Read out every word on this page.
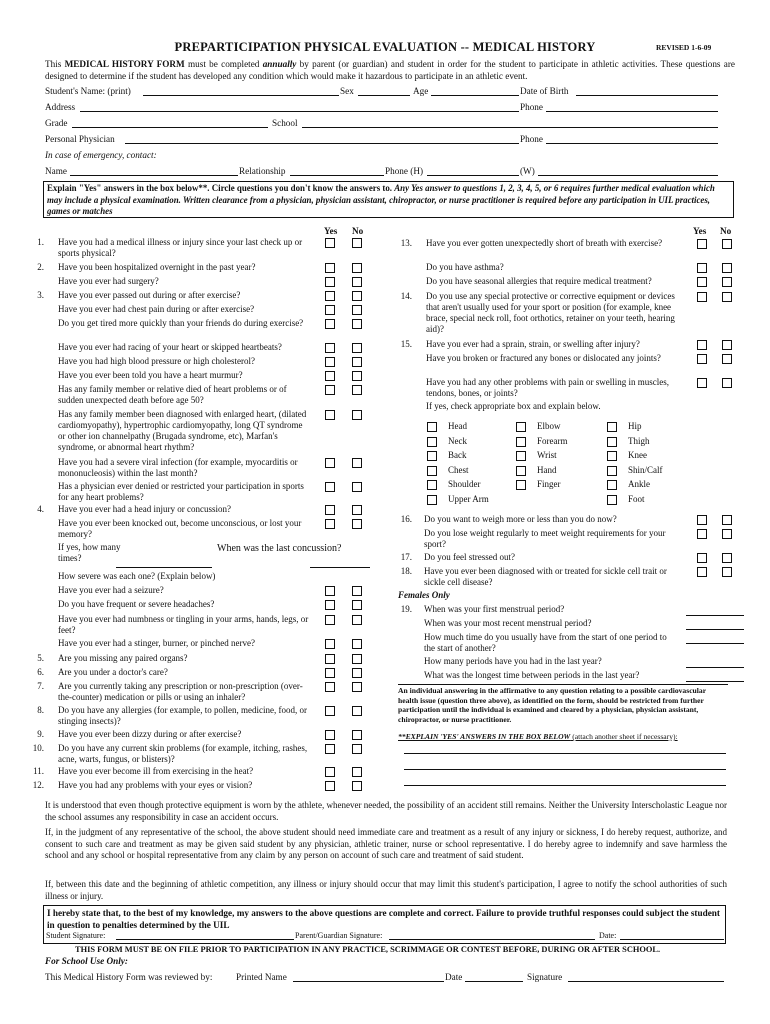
PREPARTICIPATION PHYSICAL EVALUATION -- MEDICAL HISTORY	REVISED 1-6-09
This MEDICAL HISTORY FORM must be completed annually by parent (or guardian) and student in order for the student to participate in athletic activities. These questions are designed to determine if the student has developed any condition which would make it hazardous to participate in an athletic event.
Student's Name: (print)	Sex	Age	Date of Birth
Address	Phone
Grade	School
Personal Physician	Phone
In case of emergency, contact:
Name	Relationship	Phone (H)	(W)
Explain "Yes" answers in the box below**. Circle questions you don't know the answers to. Any Yes answer to questions 1, 2, 3, 4, 5, or 6 requires further medical evaluation which may include a physical examination. Written clearance from a physician, physician assistant, chiropractor, or nurse practitioner is required before any participation in UIL practices, games or matches
Yes No	Yes No
1. Have you had a medical illness or injury since your last check up or sports physical?
2. Have you been hospitalized overnight in the past year?
Have you ever had surgery?
3. Have you ever passed out during or after exercise?
Have you ever had chest pain during or after exercise?
Do you get tired more quickly than your friends do during exercise?
Have you ever had racing of your heart or skipped heartbeats?
Have you had high blood pressure or high cholesterol?
Have you ever been told you have a heart murmur?
Has any family member or relative died of heart problems or of sudden unexpected death before age 50?
Has any family member been diagnosed with enlarged heart, (dilated cardiomyopathy), hypertrophic cardiomyopathy, long QT syndrome or other ion channelpathy (Brugada syndrome, etc), Marfan's syndrome, or abnormal heart rhythm?
Have you had a severe viral infection (for example, myocarditis or mononucleosis) within the last month?
Has a physician ever denied or restricted your participation in sports for any heart problems?
4. Have you ever had a head injury or concussion?
Have you ever been knocked out, become unconscious, or lost your memory?
If yes, how many times?
How severe was each one? (Explain below)
Have you ever had a seizure?
Do you have frequent or severe headaches?
Have you ever had numbness or tingling in your arms, hands, legs, or feet?
Have you ever had a stinger, burner, or pinched nerve?
5. Are you missing any paired organs?
6. Are you under a doctor's care?
7. Are you currently taking any prescription or non-prescription (over-the-counter) medication or pills or using an inhaler?
8. Do you have any allergies (for example, to pollen, medicine, food, or stinging insects)?
9. Have you ever been dizzy during or after exercise?
10. Do you have any current skin problems (for example, itching, rashes, acne, warts, fungus, or blisters)?
11. Have you ever become ill from exercising in the heat?
12. Have you had any problems with your eyes or vision?
13. Have you ever gotten unexpectedly short of breath with exercise?
Do you have asthma?
Do you have seasonal allergies that require medical treatment?
14. Do you use any special protective or corrective equipment or devices that aren't usually used for your sport or position (for example, knee brace, special neck roll, foot orthotics, retainer on your teeth, hearing aid)?
15. Have you ever had a sprain, strain, or swelling after injury?
Have you broken or fractured any bones or dislocated any joints?
Have you had any other problems with pain or swelling in muscles, tendons, bones, or joints?
If yes, check appropriate box and explain below.
16. Do you want to weigh more or less than you do now?
Do you lose weight regularly to meet weight requirements for your sport?
17. Do you feel stressed out?
18. Have you ever been diagnosed with or treated for sickle cell trait or sickle cell disease?
When was the last concussion?
Head	Elbow	Hip
Neck	Forearm	Thigh
Back	Wrist	Knee
Chest	Hand	Shin/Calf
Shoulder	Finger	Ankle
Upper Arm	Foot
Females Only
19. When was your first menstrual period?
When was your most recent menstrual period?
How much time do you usually have from the start of one period to the start of another?
How many periods have you had in the last year?
What was the longest time between periods in the last year?
An individual answering in the affirmative to any question relating to a possible cardiovascular health issue (question three above), as identified on the form, should be restricted from further participation until the individual is examined and cleared by a physician, physician assistant, chiropractor, or nurse practitioner.
**EXPLAIN 'YES' ANSWERS IN THE BOX BELOW (attach another sheet if necessary):
It is understood that even though protective equipment is worn by the athlete, whenever needed, the possibility of an accident still remains. Neither the University Interscholastic League nor the school assumes any responsibility in case an accident occurs.
If, in the judgment of any representative of the school, the above student should need immediate care and treatment as a result of any injury or sickness, I do hereby request, authorize, and consent to such care and treatment as may be given said student by any physician, athletic trainer, nurse or school representative. I do hereby agree to indemnify and save harmless the school and any school or hospital representative from any claim by any person on account of such care and treatment of said student.
If, between this date and the beginning of athletic competition, any illness or injury should occur that may limit this student's participation, I agree to notify the school authorities of such illness or injury.
I hereby state that, to the best of my knowledge, my answers to the above questions are complete and correct. Failure to provide truthful responses could subject the student in question to penalties determined by the UIL
Student Signature:	Parent/Guardian Signature:	Date:
THIS FORM MUST BE ON FILE PRIOR TO PARTICIPATION IN ANY PRACTICE, SCRIMMAGE OR CONTEST BEFORE, DURING OR AFTER SCHOOL.
For School Use Only:
This Medical History Form was reviewed by:	Printed Name	Date	Signature
